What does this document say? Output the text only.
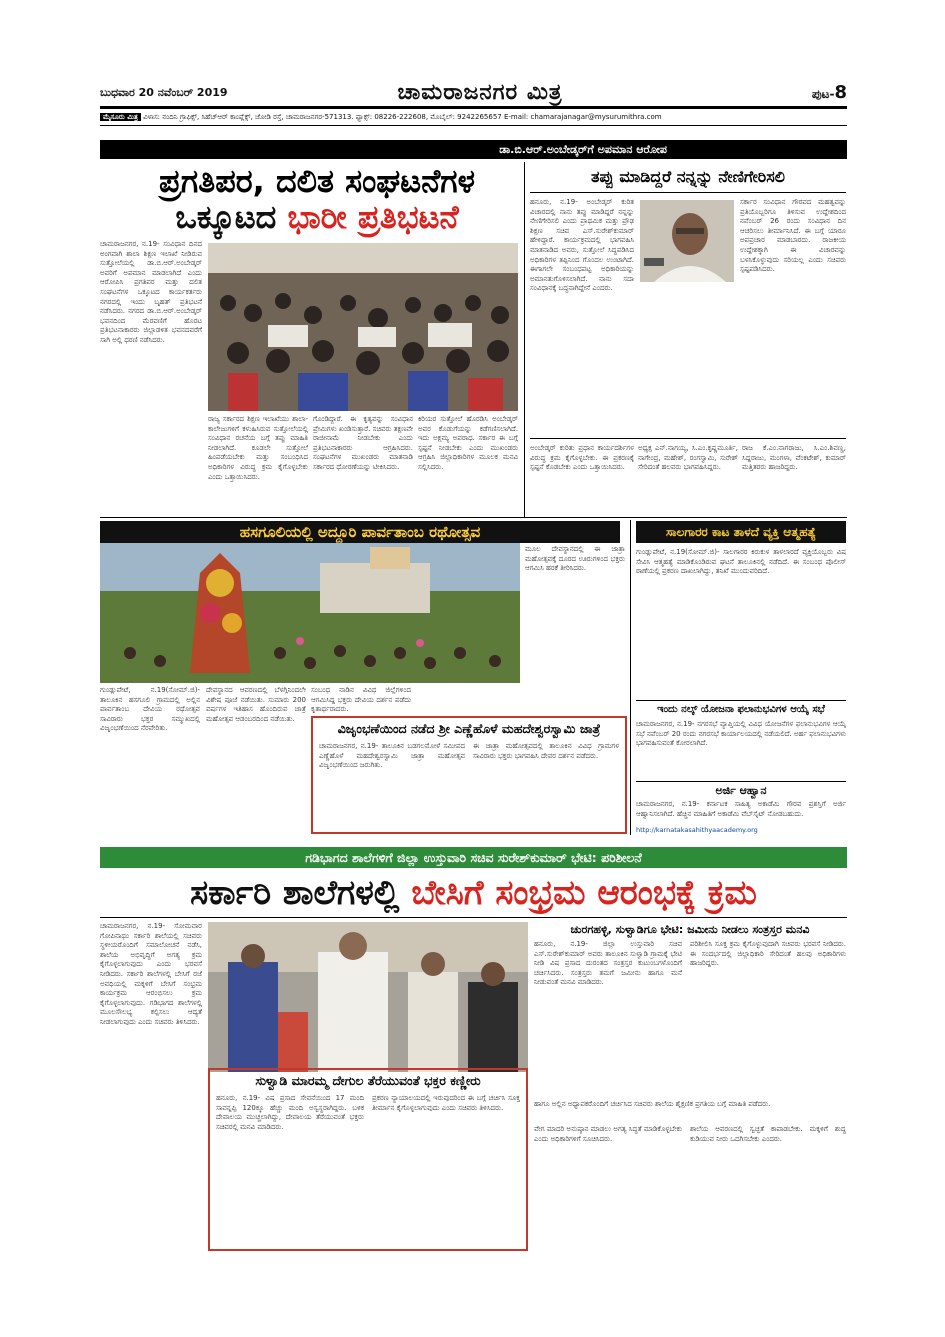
ಬುಧವಾರ 20 ನವೆಂಬರ್ 2019	ಚಾಮರಾಜನಗರ ಮಿತ್ರ	ಪುಟ-8
ಮೈಸೂರು ಮಿತ್ರ ವಿಳಾಸ: ನಂದಿನಿ ಗ್ರಾಫಿಕ್ಸ್, ಸಿಹೆಚ್ಆರ್ ಕಾಂಪ್ಲೆಕ್ಸ್, ಜೋಡಿ ರಸ್ತೆ, ಚಾಮರಾಜನಗರ-571313. ಫ್ಯಾಕ್ಸ್: 08226-222608, ಮೊಬೈಲ್: 9242265657 E-mail: chamarajanagar@mysurumithra.com
ಡಾ.ಬಿ.ಆರ್.ಅಂಬೇಡ್ಕರ್‌ಗೆ ಅಪಮಾನ ಆರೋಪ
ಪ್ರಗತಿಪರ, ದಲಿತ ಸಂಘಟನೆಗಳ
ಒಕ್ಕೂಟದ ಭಾರೀ ಪ್ರತಿಭಟನೆ
ಚಾಮರಾಜನಗರ, ನ.19- ಸಂವಿಧಾನ ದಿನದ ಅಂಗವಾಗಿ ಶಾಲಾ ಶಿಕ್ಷಣ ಇಲಾಖೆ ನೀಡಿರುವ ಸುತ್ತೋಲೆಯಲ್ಲಿ ಡಾ.ಬಿ.ಆರ್.ಅಂಬೇಡ್ಕರ್ ಅವರಿಗೆ ಅಪಮಾನ ಮಾಡಲಾಗಿದೆ ಎಂದು ಆರೋಪಿಸಿ ಪ್ರಗತಿಪರ ಮತ್ತು ದಲಿತ ಸಂಘಟನೆಗಳ ಒಕ್ಕೂಟದ ಕಾರ್ಯಕರ್ತರು ನಗರದಲ್ಲಿ ಇಂದು ಬೃಹತ್ ಪ್ರತಿಭಟನೆ ನಡೆಸಿದರು. ನಗರದ ಡಾ.ಬಿ.ಆರ್.ಅಂಬೇಡ್ಕರ್ ಭವನದಿಂದ ಮೆರವಣಿಗೆ ಹೊರಟ ಪ್ರತಿಭಟನಾಕಾರರು ಜಿಲ್ಲಾಡಳಿತ ಭವನದವರೆಗೆ ಸಾಗಿ ಅಲ್ಲಿ ಧರಣಿ ನಡೆಸಿದರು.
ರಾಜ್ಯ ಸರ್ಕಾರದ ಶಿಕ್ಷಣ ಇಲಾಖೆಯು ಶಾಲಾ-ಕಾಲೇಜುಗಳಿಗೆ ಕಳುಹಿಸಿರುವ ಸುತ್ತೋಲೆಯಲ್ಲಿ ಸಂವಿಧಾನ ರಚನೆಯ ಬಗ್ಗೆ ತಪ್ಪು ಮಾಹಿತಿ ನೀಡಲಾಗಿದೆ. ಕೂಡಲೇ ಸುತ್ತೋಲೆ ಹಿಂಪಡೆಯಬೇಕು ಮತ್ತು ಸಂಬಂಧಿಸಿದ ಅಧಿಕಾರಿಗಳ ವಿರುದ್ಧ ಕ್ರಮ ಕೈಗೊಳ್ಳಬೇಕು ಎಂದು ಒತ್ತಾಯಿಸಿದರು.
ಗೊಂಡಿದ್ದಾರೆ. ಈ ಕೃತ್ಯವನ್ನು ಸಂವಿಧಾನ ಪ್ರೇಮಿಗಳು ಖಂಡಿಸುತ್ತಾರೆ. ಸಚಿವರು ತಕ್ಷಣವೇ ರಾಜೀನಾಮೆ ನೀಡಬೇಕು ಎಂದು ಪ್ರತಿಭಟನಾಕಾರರು ಆಗ್ರಹಿಸಿದರು. ಸಂಘಟನೆಗಳ ಮುಖಂಡರು ಮಾತನಾಡಿ ಸರ್ಕಾರದ ಧೋರಣೆಯನ್ನು ಟೀಕಿಸಿದರು.
ಕಿರಿಯರ ಸುತ್ತೋಲೆ ಹೊರಡಿಸಿ ಅಂಬೇಡ್ಕರ್ ಅವರ ಕೊಡುಗೆಯನ್ನು ಕಡೆಗಣಿಸಲಾಗಿದೆ. ಇದು ಅಕ್ಷಮ್ಯ ಅಪರಾಧ. ಸರ್ಕಾರ ಈ ಬಗ್ಗೆ ಸ್ಪಷ್ಟನೆ ನೀಡಬೇಕು ಎಂದು ಮುಖಂಡರು ಆಗ್ರಹಿಸಿ ಜಿಲ್ಲಾಧಿಕಾರಿಗಳ ಮೂಲಕ ಮನವಿ ಸಲ್ಲಿಸಿದರು.
ತಪ್ಪು ಮಾಡಿದ್ದರೆ ನನ್ನನ್ನು ನೇಣಿಗೇರಿಸಲಿ
ಹನೂರು, ನ.19- ಅಂಬೇಡ್ಕರ್ ಕುರಿತ ವಿಚಾರದಲ್ಲಿ ನಾನು ತಪ್ಪು ಮಾಡಿದ್ದರೆ ನನ್ನನ್ನು ನೇಣಿಗೇರಿಸಲಿ ಎಂದು ಪ್ರಾಥಮಿಕ ಮತ್ತು ಪ್ರೌಢ ಶಿಕ್ಷಣ ಸಚಿವ ಎಸ್.ಸುರೇಶ್‌ಕುಮಾರ್ ಹೇಳಿದ್ದಾರೆ. ಕಾರ್ಯಕ್ರಮದಲ್ಲಿ ಭಾಗವಹಿಸಿ ಮಾತನಾಡಿದ ಅವರು, ಸುತ್ತೋಲೆ ಸಿದ್ಧಪಡಿಸಿದ ಅಧಿಕಾರಿಗಳ ತಪ್ಪಿನಿಂದ ಗೊಂದಲ ಉಂಟಾಗಿದೆ. ಈಗಾಗಲೇ ಸಂಬಂಧಪಟ್ಟ ಅಧಿಕಾರಿಯನ್ನು ಅಮಾನತುಗೊಳಿಸಲಾಗಿದೆ. ನಾನು ಸದಾ ಸಂವಿಧಾನಕ್ಕೆ ಬದ್ಧನಾಗಿದ್ದೇನೆ ಎಂದರು.
ಸರ್ಕಾರ ಸಂವಿಧಾನ ಗೌರವದ ಮಹತ್ವವನ್ನು ಪ್ರತಿಯೊಬ್ಬರಿಗೂ ತಿಳಿಸುವ ಉದ್ದೇಶದಿಂದ ನವೆಂಬರ್ 26 ರಂದು ಸಂವಿಧಾನ ದಿನ ಆಚರಿಸಲು ತೀರ್ಮಾನಿಸಿದೆ. ಈ ಬಗ್ಗೆ ಯಾರೂ ಅಪಪ್ರಚಾರ ಮಾಡಬಾರದು. ರಾಜಕೀಯ ಉದ್ದೇಶಕ್ಕಾಗಿ ಈ ವಿಚಾರವನ್ನು ಬಳಸಿಕೊಳ್ಳುವುದು ಸರಿಯಲ್ಲ ಎಂದು ಸಚಿವರು ಸ್ಪಷ್ಟಪಡಿಸಿದರು.
ಅಂಬೇಡ್ಕರ್ ಕುರಿತು ಪ್ರಧಾನ ಕಾರ್ಯದರ್ಶಿಗಳ ವಿರುದ್ಧ ಕ್ರಮ ಕೈಗೊಳ್ಳಬೇಕು. ಈ ಪ್ರಕರಣಕ್ಕೆ ಸ್ಪಷ್ಟನೆ ಕೊಡಬೇಕು ಎಂದು ಒತ್ತಾಯಿಸಿದರು.
ಅಧ್ಯಕ್ಷ ಎನ್.ನಾಗಯ್ಯ, ಸಿ.ಎಂ.ಕೃಷ್ಣಮೂರ್ತಿ, ನಾಗೇಂದ್ರ, ಮಹೇಶ್, ರಂಗಸ್ವಾಮಿ, ಸುರೇಶ್ ಸೇರಿದಂತೆ ಹಲವರು ಭಾಗವಹಿಸಿದ್ದರು.
ರಾಜ ಕೆ.ಎಂ.ನಾಗರಾಜು, ಸಿ.ಎಂ.ಶಿವಣ್ಣ, ಸಿದ್ದರಾಜು, ಮಂಗಳಾ, ವೆಂಕಟೇಶ್, ಕುಮಾರ್ ಮತ್ತಿತರರು ಹಾಜರಿದ್ದರು.
ಹಸಗೂಲಿಯಲ್ಲಿ ಅದ್ದೂರಿ ಪಾರ್ವತಾಂಬ ರಥೋತ್ಸವ
ಮೂಲ ದೇವಸ್ಥಾನದಲ್ಲಿ ಈ ಜಾತ್ರಾ ಮಹೋತ್ಸವಕ್ಕೆ ದೂರದ ಊರುಗಳಿಂದ ಭಕ್ತರು ಆಗಮಿಸಿ ಹರಕೆ ತೀರಿಸಿದರು.
ಗುಂಡ್ಲುಪೇಟೆ, ನ.19(ಸೋಮ್.ಜಿ)- ತಾಲೂಕಿನ ಹಸಗೂಲಿ ಗ್ರಾಮದಲ್ಲಿ ಅಲ್ಲಿನ ಪಾರ್ವತಾಂಬ ದೇವಿಯ ರಥೋತ್ಸವ ಸಾವಿರಾರು ಭಕ್ತರ ಸಮ್ಮುಖದಲ್ಲಿ ವಿಜೃಂಭಣೆಯಿಂದ ನೆರವೇರಿತು.
ದೇವಸ್ಥಾನದ ಆವರಣದಲ್ಲಿ ಬೆಳಗ್ಗಿನಿಂದಲೇ ವಿಶೇಷ ಪೂಜೆ ನಡೆಯಿತು. ಸುಮಾರು 200 ವರ್ಷಗಳ ಇತಿಹಾಸ ಹೊಂದಿರುವ ಜಾತ್ರೆ ಮಹೋತ್ಸವ ಆಡಂಬರದಿಂದ ನಡೆಯಿತು.
ಸಂಬಂಧ ನಾಡಿನ ವಿವಿಧ ಜಿಲ್ಲೆಗಳಿಂದ ಆಗಮಿಸಿದ್ದ ಭಕ್ತರು ದೇವಿಯ ದರ್ಶನ ಪಡೆದು ಕೃತಾರ್ಥರಾದರು.
ವಿಜೃಂಭಣೆಯಿಂದ ನಡೆದ ಶ್ರೀ ಎಣ್ಣೆಹೊಳೆ ಮಹದೇಶ್ವರಸ್ವಾಮಿ ಜಾತ್ರೆ
ಚಾಮರಾಜನಗರ, ನ.19- ತಾಲೂಕಿನ ಬಡಗಲಮೋಳೆ ಸಮೀಪದ ಎಣ್ಣೆಹೊಳೆ ಮಹದೇಶ್ವರಸ್ವಾಮಿ ಜಾತ್ರಾ ಮಹೋತ್ಸವ ವಿಜೃಂಭಣೆಯಿಂದ ಜರುಗಿತು.
ಈ ಜಾತ್ರಾ ಮಹೋತ್ಸವದಲ್ಲಿ ತಾಲೂಕಿನ ವಿವಿಧ ಗ್ರಾಮಗಳ ಸಾವಿರಾರು ಭಕ್ತರು ಭಾಗವಹಿಸಿ ದೇವರ ದರ್ಶನ ಪಡೆದರು.
ಸಾಲಗಾರರ ಕಾಟ ತಾಳದೆ ವ್ಯಕ್ತಿ ಆತ್ಮಹತ್ಯೆ
ಗುಂಡ್ಲುಪೇಟೆ, ನ.19(ಸೋಮ್.ಜಿ)- ಸಾಲಗಾರರ ಕಿರುಕುಳ ತಾಳಲಾರದೆ ವ್ಯಕ್ತಿಯೊಬ್ಬರು ವಿಷ ಸೇವಿಸಿ ಆತ್ಮಹತ್ಯೆ ಮಾಡಿಕೊಂಡಿರುವ ಘಟನೆ ತಾಲೂಕಿನಲ್ಲಿ ನಡೆದಿದೆ. ಈ ಸಂಬಂಧ ಪೊಲೀಸ್ ಠಾಣೆಯಲ್ಲಿ ಪ್ರಕರಣ ದಾಖಲಾಗಿದ್ದು, ತನಿಖೆ ಮುಂದುವರಿದಿದೆ.
ಇಂದು ನಲ್ಕ್ ಯೋಜನಾ ಫಲಾನುಭವಿಗಳ ಆಯ್ಕೆ ಸಭೆ
ಚಾಮರಾಜನಗರ, ನ.19- ನಗರಸಭೆ ವ್ಯಾಪ್ತಿಯಲ್ಲಿ ವಿವಿಧ ಯೋಜನೆಗಳ ಫಲಾನುಭವಿಗಳ ಆಯ್ಕೆ ಸಭೆ ನವೆಂಬರ್ 20 ರಂದು ನಗರಸಭೆ ಕಾರ್ಯಾಲಯದಲ್ಲಿ ನಡೆಯಲಿದೆ. ಅರ್ಹ ಫಲಾನುಭವಿಗಳು ಭಾಗವಹಿಸುವಂತೆ ಕೋರಲಾಗಿದೆ.
ಅರ್ಜಿ ಆಹ್ವಾನ
ಚಾಮರಾಜನಗರ, ನ.19- ಕರ್ನಾಟಕ ಸಾಹಿತ್ಯ ಅಕಾಡೆಮಿ ಗೌರವ ಪ್ರಶಸ್ತಿಗೆ ಅರ್ಜಿ ಆಹ್ವಾನಿಸಲಾಗಿದೆ. ಹೆಚ್ಚಿನ ಮಾಹಿತಿಗೆ ಅಕಾಡೆಮಿ ವೆಬ್‌ಸೈಟ್ ನೋಡಬಹುದು.
http://karnatakasahithyaacademy.org
ಗಡಿಭಾಗದ ಶಾಲೆಗಳಿಗೆ ಜಿಲ್ಲಾ ಉಸ್ತುವಾರಿ ಸಚಿವ ಸುರೇಶ್‌ಕುಮಾರ್ ಭೇಟಿ: ಪರಿಶೀಲನೆ
ಸರ್ಕಾರಿ ಶಾಲೆಗಳಲ್ಲಿ ಬೇಸಿಗೆ ಸಂಭ್ರಮ ಆರಂಭಕ್ಕೆ ಕ್ರಮ
ಚಾಮರಾಜನಗರ, ನ.19- ಸೋಮವಾರ ಗೋಪಿನಾಥಂ ಸರ್ಕಾರಿ ಶಾಲೆಯಲ್ಲಿ ಸಚಿವರು ಸ್ಥಳೀಯರೊಂದಿಗೆ ಸಮಾಲೋಚನೆ ನಡೆಸಿ, ಶಾಲೆಯ ಅಭಿವೃದ್ಧಿಗೆ ಅಗತ್ಯ ಕ್ರಮ ಕೈಗೊಳ್ಳಲಾಗುವುದು ಎಂದು ಭರವಸೆ ನೀಡಿದರು. ಸರ್ಕಾರಿ ಶಾಲೆಗಳಲ್ಲಿ ಬೇಸಿಗೆ ರಜೆ ಅವಧಿಯಲ್ಲಿ ಮಕ್ಕಳಿಗೆ ಬೇಸಿಗೆ ಸಂಭ್ರಮ ಕಾರ್ಯಕ್ರಮ ಆರಂಭಿಸಲು ಕ್ರಮ ಕೈಗೊಳ್ಳಲಾಗುವುದು. ಗಡಿಭಾಗದ ಶಾಲೆಗಳಲ್ಲಿ ಮೂಲಸೌಲಭ್ಯ ಕಲ್ಪಿಸಲು ಆದ್ಯತೆ ನೀಡಲಾಗುವುದು ಎಂದು ಸಚಿವರು ತಿಳಿಸಿದರು.
ಚುರಗಹಳ್ಳಿ, ಸುಳ್ವಾಡಿಗೂ ಭೇಟಿ: ಜಮೀನು ನೀಡಲು ಸಂತ್ರಸ್ತರ ಮನವಿ
ಹನೂರು, ನ.19- ಜಿಲ್ಲಾ ಉಸ್ತುವಾರಿ ಸಚಿವ ಎಸ್.ಸುರೇಶ್‌ಕುಮಾರ್ ಅವರು ತಾಲೂಕಿನ ಸುಳ್ವಾಡಿ ಗ್ರಾಮಕ್ಕೆ ಭೇಟಿ ನೀಡಿ ವಿಷ ಪ್ರಸಾದ ದುರಂತದ ಸಂತ್ರಸ್ತರ ಕುಟುಂಬಗಳೊಂದಿಗೆ ಚರ್ಚಿಸಿದರು. ಸಂತ್ರಸ್ತರು ತಮಗೆ ಜಮೀನು ಹಾಗೂ ಮನೆ ನೀಡುವಂತೆ ಮನವಿ ಮಾಡಿದರು.
ಪರಿಶೀಲಿಸಿ ಸೂಕ್ತ ಕ್ರಮ ಕೈಗೊಳ್ಳುವುದಾಗಿ ಸಚಿವರು ಭರವಸೆ ನೀಡಿದರು. ಈ ಸಂದರ್ಭದಲ್ಲಿ ಜಿಲ್ಲಾಧಿಕಾರಿ ಸೇರಿದಂತೆ ಹಲವು ಅಧಿಕಾರಿಗಳು ಹಾಜರಿದ್ದರು.
ಸುಳ್ವಾಡಿ ಮಾರಮ್ಮ ದೇಗುಲ ತೆರೆಯುವಂತೆ ಭಕ್ತರ ಕಣ್ಣೀರು
ಹನೂರು, ನ.19- ವಿಷ ಪ್ರಸಾದ ಸೇವನೆಯಿಂದ 17 ಮಂದಿ ಸಾವನ್ನಪ್ಪಿ 120ಕ್ಕೂ ಹೆಚ್ಚು ಮಂದಿ ಅಸ್ವಸ್ಥರಾಗಿದ್ದರು. ಬಳಿಕ ದೇವಾಲಯ ಮುಚ್ಚಲಾಗಿದ್ದು, ದೇವಾಲಯ ತೆರೆಯುವಂತೆ ಭಕ್ತರು ಸಚಿವರಲ್ಲಿ ಮನವಿ ಮಾಡಿದರು.
ಪ್ರಕರಣ ನ್ಯಾಯಾಲಯದಲ್ಲಿ ಇರುವುದರಿಂದ ಈ ಬಗ್ಗೆ ಚರ್ಚಿಸಿ ಸೂಕ್ತ ತೀರ್ಮಾನ ಕೈಗೊಳ್ಳಲಾಗುವುದು ಎಂದು ಸಚಿವರು ತಿಳಿಸಿದರು.
ವೇಗ ಮಾದರಿ ಅನುಷ್ಠಾನ ಮಾಡಲು ಅಗತ್ಯ ಸಿದ್ಧತೆ ಮಾಡಿಕೊಳ್ಳಬೇಕು ಎಂದು ಅಧಿಕಾರಿಗಳಿಗೆ ಸೂಚಿಸಿದರು.
ಶಾಲೆಯ ಆವರಣದಲ್ಲಿ ಸ್ವಚ್ಛತೆ ಕಾಪಾಡಬೇಕು. ಮಕ್ಕಳಿಗೆ ಶುದ್ಧ ಕುಡಿಯುವ ನೀರು ಒದಗಿಸಬೇಕು ಎಂದರು.
ಹಾಗೂ ಅಲ್ಲಿನ ಅಧ್ಯಾಪಕರೊಂದಿಗೆ ಚರ್ಚಿಸಿದ ಸಚಿವರು ಶಾಲೆಯ ಶೈಕ್ಷಣಿಕ ಪ್ರಗತಿಯ ಬಗ್ಗೆ ಮಾಹಿತಿ ಪಡೆದರು.
